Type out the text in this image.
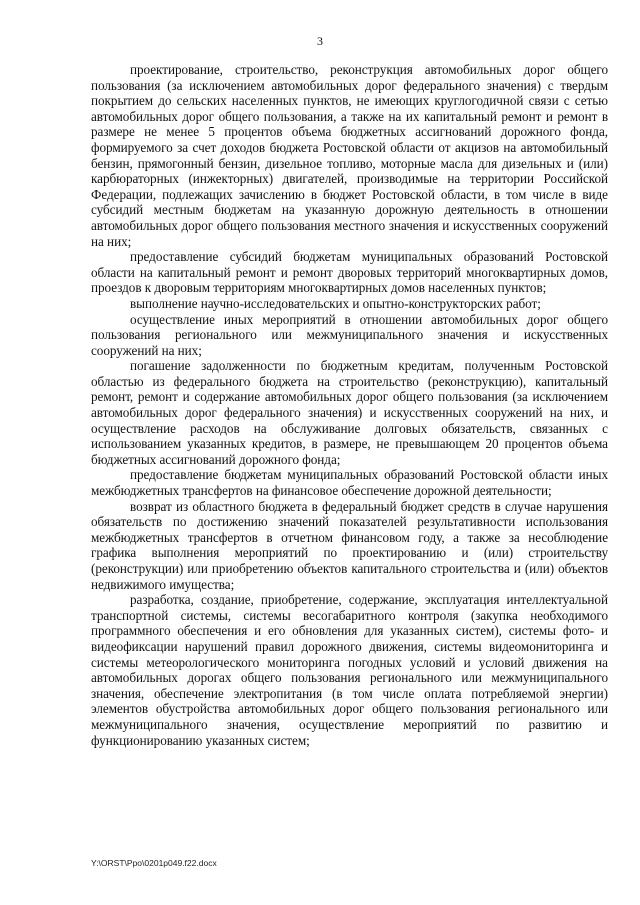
3

проектирование, строительство, реконструкция автомобильных дорог общего пользования (за исключением автомобильных дорог федерального значения) с твердым покрытием до сельских населенных пунктов, не имеющих круглогодичной связи с сетью автомобильных дорог общего пользования, а также на их капитальный ремонт и ремонт в размере не менее 5 процентов объема бюджетных ассигнований дорожного фонда, формируемого за счет доходов бюджета Ростовской области от акцизов на автомобильный бензин, прямогонный бензин, дизельное топливо, моторные масла для дизельных и (или) карбюраторных (инжекторных) двигателей, производимые на территории Российской Федерации, подлежащих зачислению в бюджет Ростовской области, в том числе в виде субсидий местным бюджетам на указанную дорожную деятельность в отношении автомобильных дорог общего пользования местного значения и искусственных сооружений на них;

предоставление субсидий бюджетам муниципальных образований Ростовской области на капитальный ремонт и ремонт дворовых территорий многоквартирных домов, проездов к дворовым территориям многоквартирных домов населенных пунктов;

выполнение научно-исследовательских и опытно-конструкторских работ;

осуществление иных мероприятий в отношении автомобильных дорог общего пользования регионального или межмуниципального значения и искусственных сооружений на них;

погашение задолженности по бюджетным кредитам, полученным Ростовской областью из федерального бюджета на строительство (реконструкцию), капитальный ремонт, ремонт и содержание автомобильных дорог общего пользования (за исключением автомобильных дорог федерального значения) и искусственных сооружений на них, и осуществление расходов на обслуживание долговых обязательств, связанных с использованием указанных кредитов, в размере, не превышающем 20 процентов объема бюджетных ассигнований дорожного фонда;

предоставление бюджетам муниципальных образований Ростовской области иных межбюджетных трансфертов на финансовое обеспечение дорожной деятельности;

возврат из областного бюджета в федеральный бюджет средств в случае нарушения обязательств по достижению значений показателей результативности использования межбюджетных трансфертов в отчетном финансовом году, а также за несоблюдение графика выполнения мероприятий по проектированию и (или) строительству (реконструкции) или приобретению объектов капитального строительства и (или) объектов недвижимого имущества;

разработка, создание, приобретение, содержание, эксплуатация интеллектуальной транспортной системы, системы весогабаритного контроля (закупка необходимого программного обеспечения и его обновления для указанных систем), системы фото- и видеофиксации нарушений правил дорожного движения, системы видеомониторинга и системы метеорологического мониторинга погодных условий и условий движения на автомобильных дорогах общего пользования регионального или межмуниципального значения, обеспечение электропитания (в том числе оплата потребляемой энергии) элементов обустройства автомобильных дорог общего пользования регионального или межмуниципального значения, осуществление мероприятий по развитию и функционированию указанных систем;

Y:\ORST\Ppo\0201p049.f22.docx
